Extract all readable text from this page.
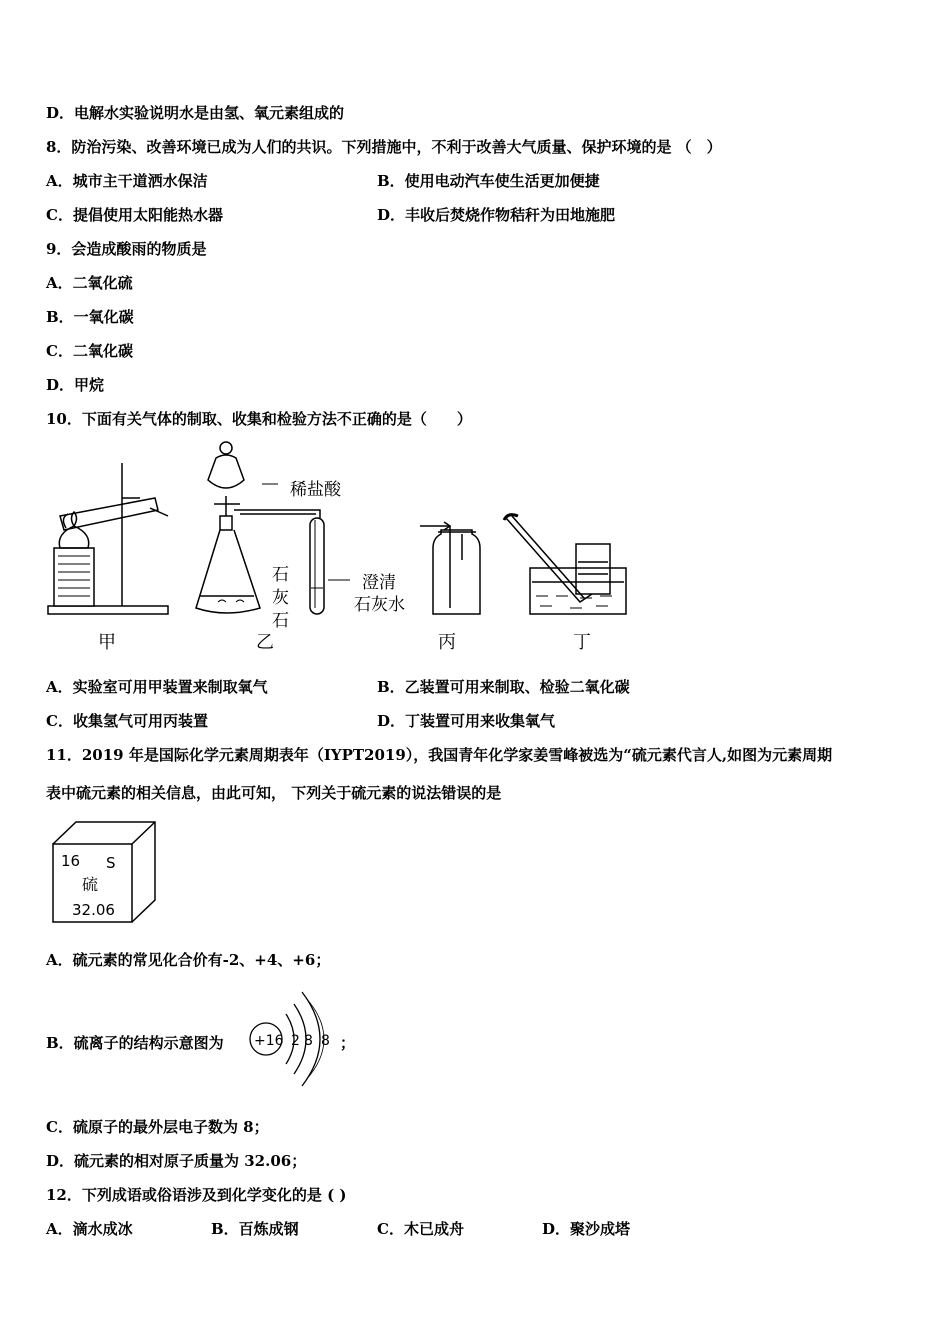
D．电解水实验说明水是由氢、氧元素组成的
8．防治污染、改善环境已成为人们的共识。下列措施中，不利于改善大气质量、保护环境的是 （　）
A．城市主干道洒水保洁	B．使用电动汽车使生活更加便捷
C．提倡使用太阳能热水器	D．丰收后焚烧作物秸秆为田地施肥
9．会造成酸雨的物质是
A．二氧化硫
B．一氧化碳
C．二氧化碳
D．甲烷
10．下面有关气体的制取、收集和检验方法不正确的是（　　）
稀盐酸
石
灰
石
澄清
石灰水
甲	乙	丙	丁
A．实验室可用甲装置来制取氧气	B．乙装置可用来制取、检验二氧化碳
C．收集氢气可用丙装置	D．丁装置可用来收集氧气
11．2019 年是国际化学元素周期表年（IYPT2019），我国青年化学家姜雪峰被选为“硫元素代言人,如图为元素周期
表中硫元素的相关信息，由此可知， 下列关于硫元素的说法错误的是
16 S
硫
32.06
A．硫元素的常见化合价有-2、+4、+6；
B．硫离子的结构示意图为 +16 2 8 8 ；
C．硫原子的最外层电子数为 8；
D．硫元素的相对原子质量为 32.06；
12．下列成语或俗语涉及到化学变化的是 ( )
A．滴水成冰	B．百炼成钢	C．木已成舟	D．聚沙成塔
